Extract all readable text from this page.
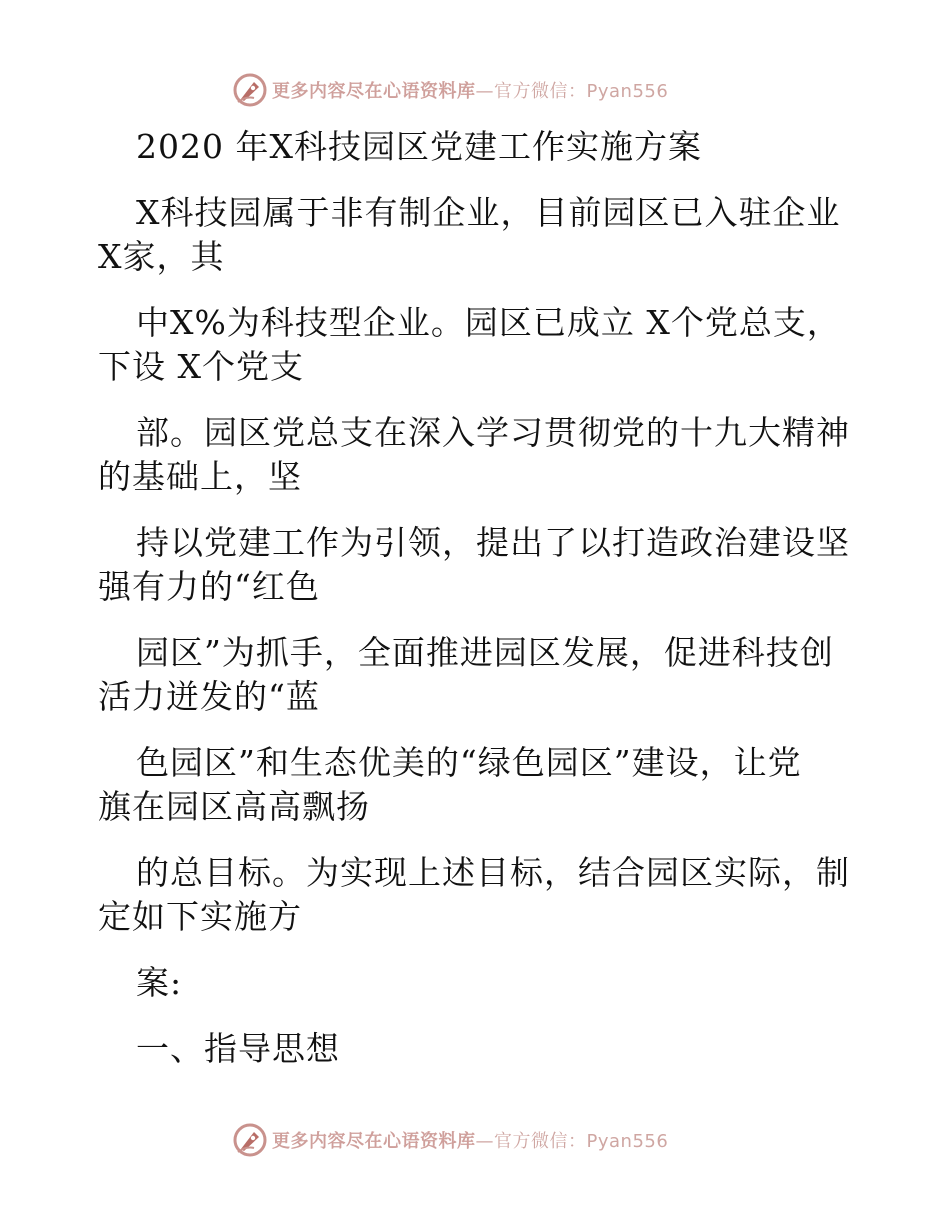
更多内容尽在心语资料库 —官方微信：Pyan556
2020 年X科技园区党建工作实施方案
X科技园属于非有制企业，目前园区已入驻企业
X家，其
中X%为科技型企业。园区已成立 X个党总支，
下设 X个党支
部。园区党总支在深入学习贯彻党的十九大精神
的基础上，坚
持以党建工作为引领，提出了以打造政治建设坚
强有力的“红色
园区”为抓手，全面推进园区发展，促进科技创
活力迸发的“蓝
色园区”和生态优美的“绿色园区”建设，让党
旗在园区高高飘扬
的总目标。为实现上述目标，结合园区实际，制
定如下实施方
案:
一、指导思想
更多内容尽在心语资料库 —官方微信：Pyan556
